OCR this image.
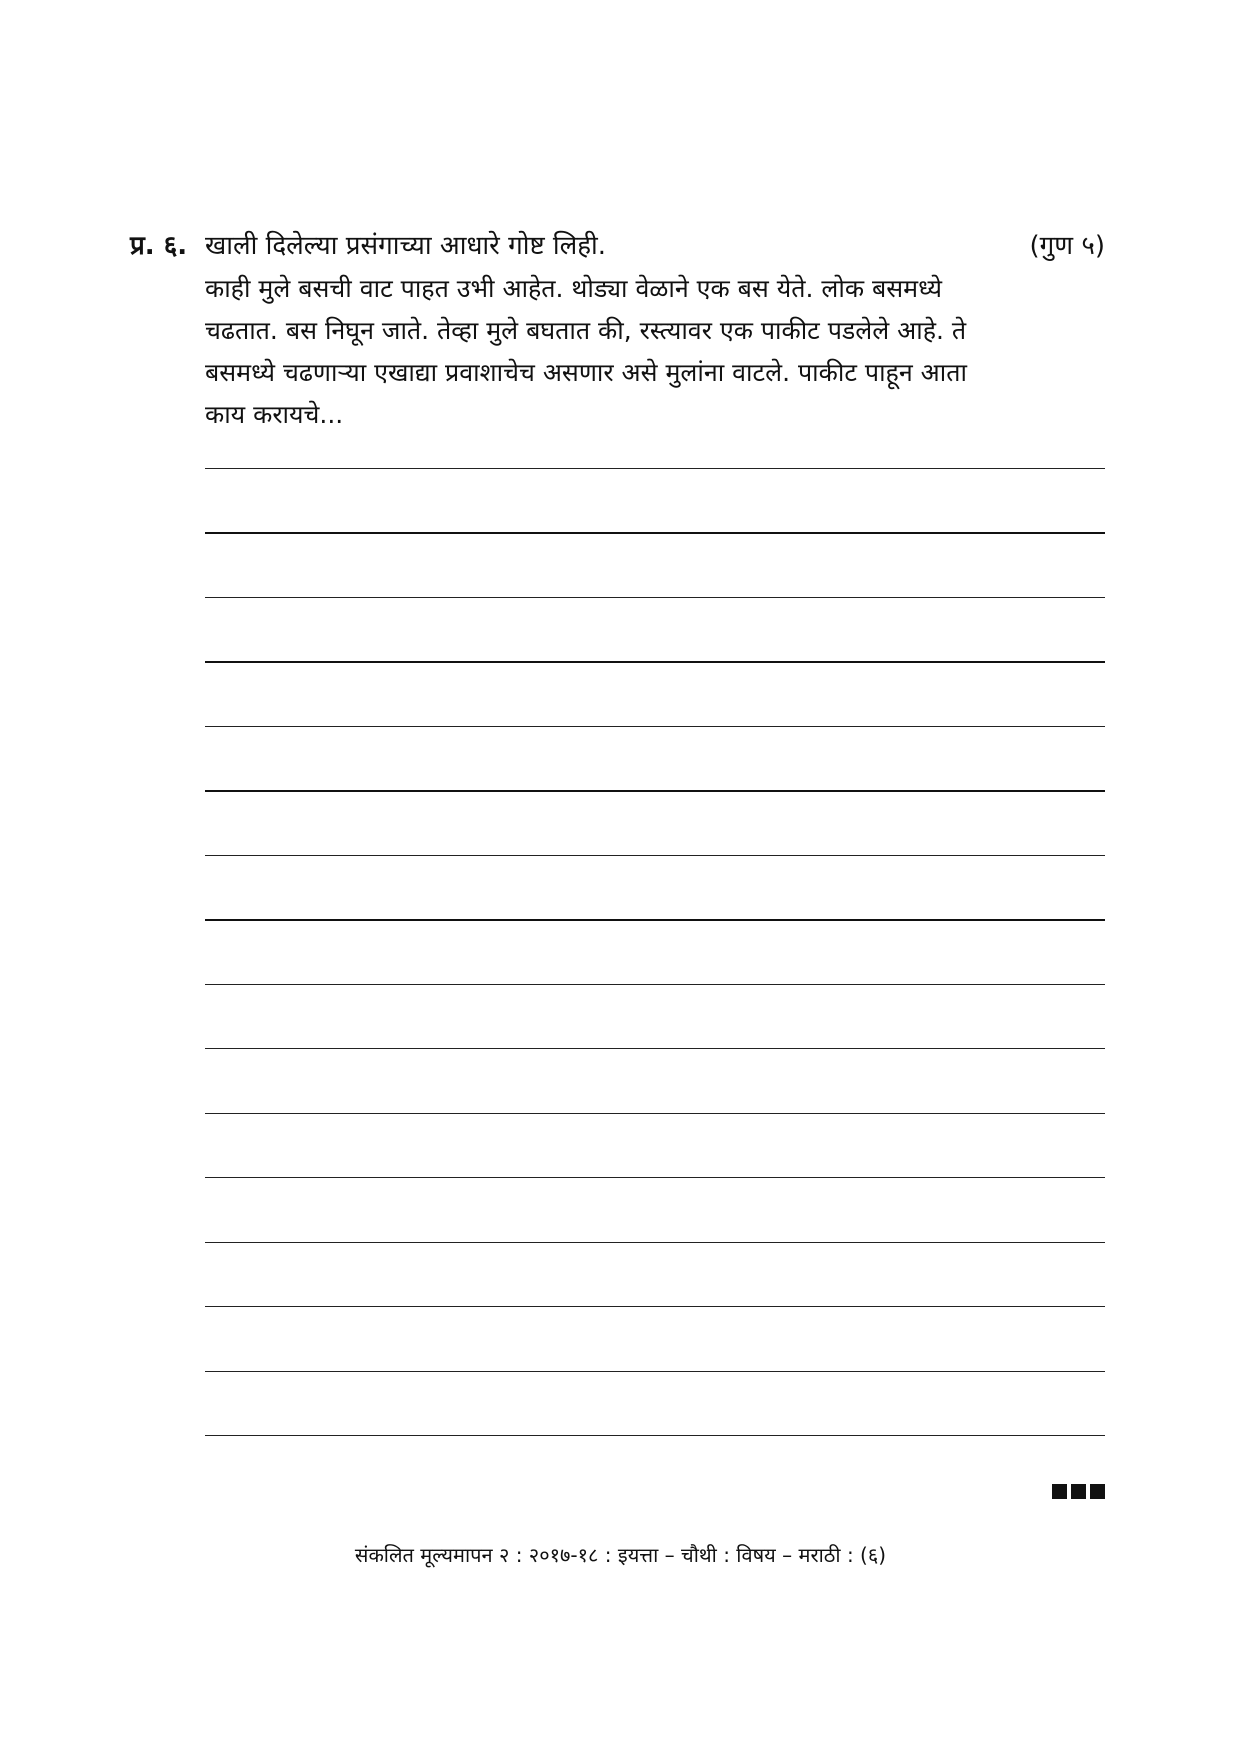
प्र. ६. खाली दिलेल्या प्रसंगाच्या आधारे गोष्ट लिही.	(गुण ५)
काही मुले बसची वाट पाहत उभी आहेत. थोड्या वेळाने एक बस येते. लोक बसमध्ये
चढतात. बस निघून जाते. तेव्हा मुले बघतात की, रस्त्यावर एक पाकीट पडलेले आहे. ते
बसमध्ये चढणाऱ्या एखाद्या प्रवाशाचेच असणार असे मुलांना वाटले. पाकीट पाहून आता
काय करायचे...
संकलित मूल्यमापन २ : २०१७-१८ : इयत्ता – चौथी : विषय – मराठी : (६)
